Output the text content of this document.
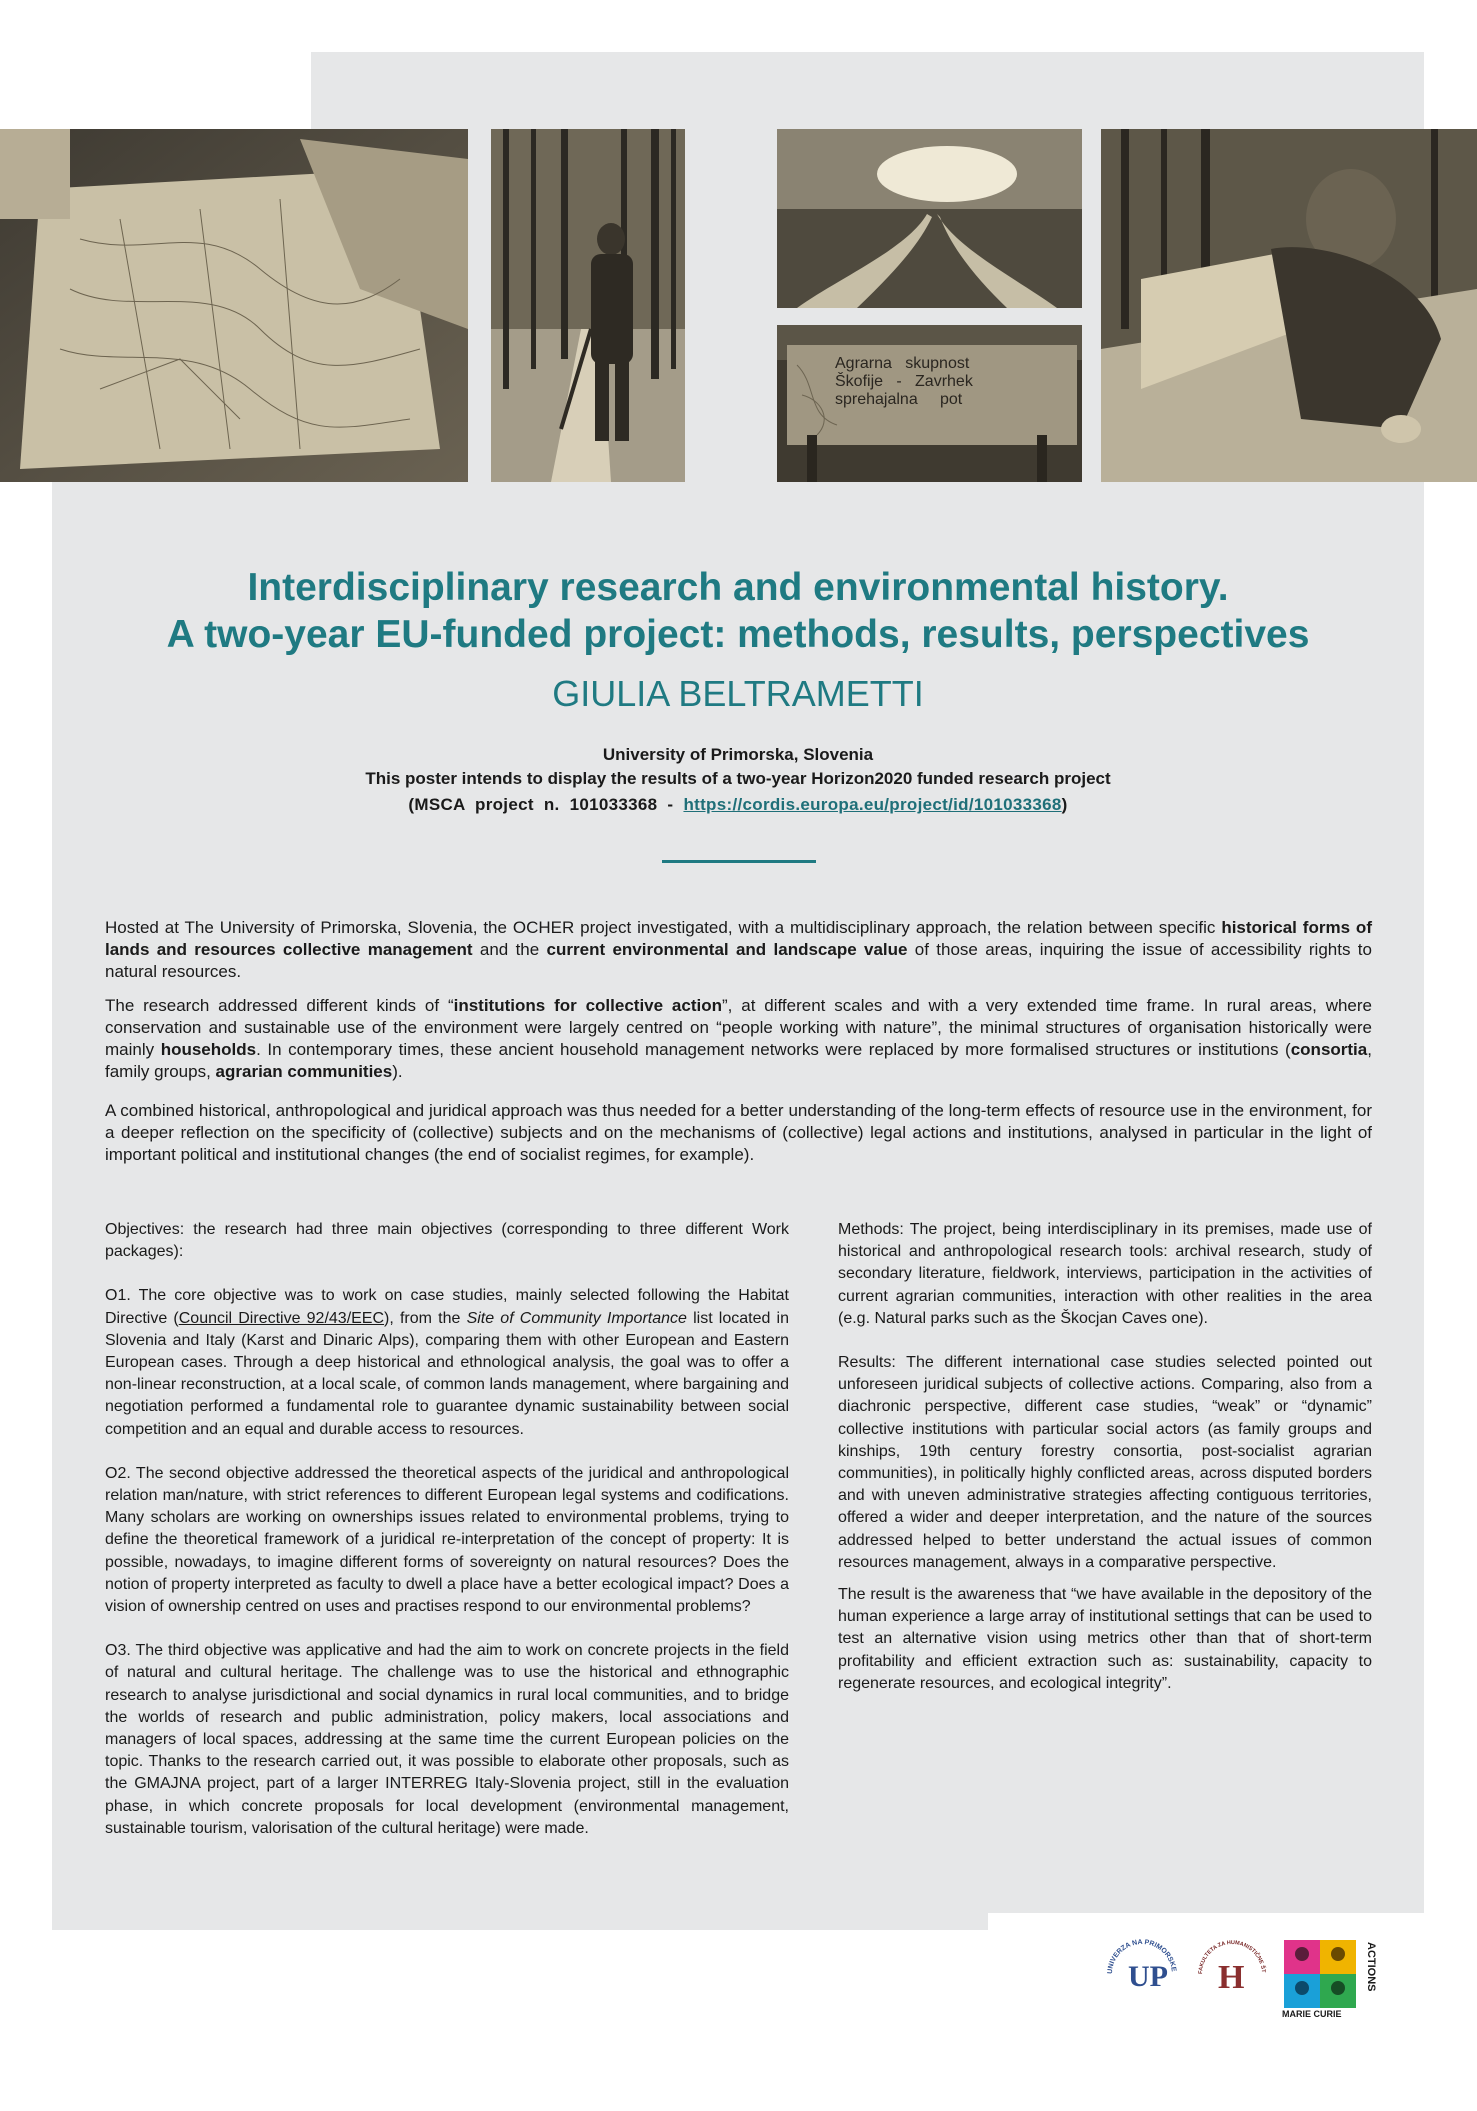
Agrarna   skupnost
Škofije   -   Zavrhek
sprehajalna     pot
Interdisciplinary research and environmental history.
A two-year EU-funded project: methods, results, perspectives
GIULIA BELTRAMETTI
University of Primorska, Slovenia
This poster intends to display the results of a two-year Horizon2020 funded research project
(MSCA  project  n.  101033368  -  https://cordis.europa.eu/project/id/101033368)
Hosted at The University of Primorska, Slovenia, the OCHER project investigated, with a multidisciplinary approach, the relation between specific historical forms of lands and resources collective management and the current environmental and landscape value of those areas, inquiring the issue of accessibility rights to natural resources.
The research addressed different kinds of “institutions for collective action”, at different scales and with a very extended time frame. In rural areas, where conservation and sustainable use of the environment were largely centred on “people working with nature”, the minimal structures of organisation historically were mainly households. In contemporary times, these ancient household management networks were replaced by more formalised structures or institutions (consortia, family groups, agrarian communities).
A combined historical, anthropological and juridical approach was thus needed for a better understanding of the long-term effects of resource use in the environment, for a deeper reflection on the specificity of (collective) subjects and on the mechanisms of (collective) legal actions and institutions, analysed in particular in the light of important political and institutional changes (the end of socialist regimes, for example).

Objectives: the research had three main objectives (corresponding to three different Work packages):

O1. The core objective was to work on case studies, mainly selected following the Habitat Directive (Council Directive 92/43/EEC), from the Site of Community Importance list located in Slovenia and Italy (Karst and Dinaric Alps), comparing them with other European and Eastern European cases. Through a deep historical and ethnological analysis, the goal was to offer a non-linear reconstruction, at a local scale, of common lands management, where bargaining and negotiation performed a fundamental role to guarantee dynamic sustainability between social competition and an equal and durable access to resources.

O2. The second objective addressed the theoretical aspects of the juridical and anthropological relation man/nature, with strict references to different European legal systems and codifications. Many scholars are working on ownerships issues related to environmental problems, trying to define the theoretical framework of a juridical re-interpretation of the concept of property: It is possible, nowadays, to imagine different forms of sovereignty on natural resources? Does the notion of property interpreted as faculty to dwell a place have a better ecological impact? Does a vision of ownership centred on uses and practises respond to our environmental problems?

O3. The third objective was applicative and had the aim to work on concrete projects in the field of natural and cultural heritage. The challenge was to use the historical and ethnographic research to analyse jurisdictional and social dynamics in rural local communities, and to bridge the worlds of research and public administration, policy makers, local associations and managers of local spaces, addressing at the same time the current European policies on the topic. Thanks to the research carried out, it was possible to elaborate other proposals, such as the GMAJNA project, part of a larger INTERREG Italy-Slovenia project, still in the evaluation phase, in which concrete proposals for local development (environmental management, sustainable tourism, valorisation of the cultural heritage) were made.

Methods: The project, being interdisciplinary in its premises, made use of historical and anthropological research tools: archival research, study of secondary literature, fieldwork, interviews, participation in the activities of current agrarian communities, interaction with other realities in the area (e.g. Natural parks such as the Škocjan Caves one).

Results: The different international case studies selected pointed out unforeseen juridical subjects of collective actions. Comparing, also from a diachronic perspective, different case studies, “weak” or “dynamic” collective institutions with particular social actors (as family groups and kinships, 19th century forestry consortia, post-socialist agrarian communities), in politically highly conflicted areas, across disputed borders and with uneven administrative strategies affecting contiguous territories, offered a wider and deeper interpretation, and the nature of the sources addressed helped to better understand the actual issues of common resources management, always in a comparative perspective.

The result is the awareness that “we have available in the depository of the human experience a large array of institutional settings that can be used to test an alternative vision using metrics other than that of short-term profitability and efficient extraction such as: sustainability, capacity to regenerate resources, and ecological integrity”.

UNIVERZA NA PRIMORSKE
UP	FAKULTETA ZA HUMANISTIČNE ŠT
H	ACTIONS
MARIE CURIE
